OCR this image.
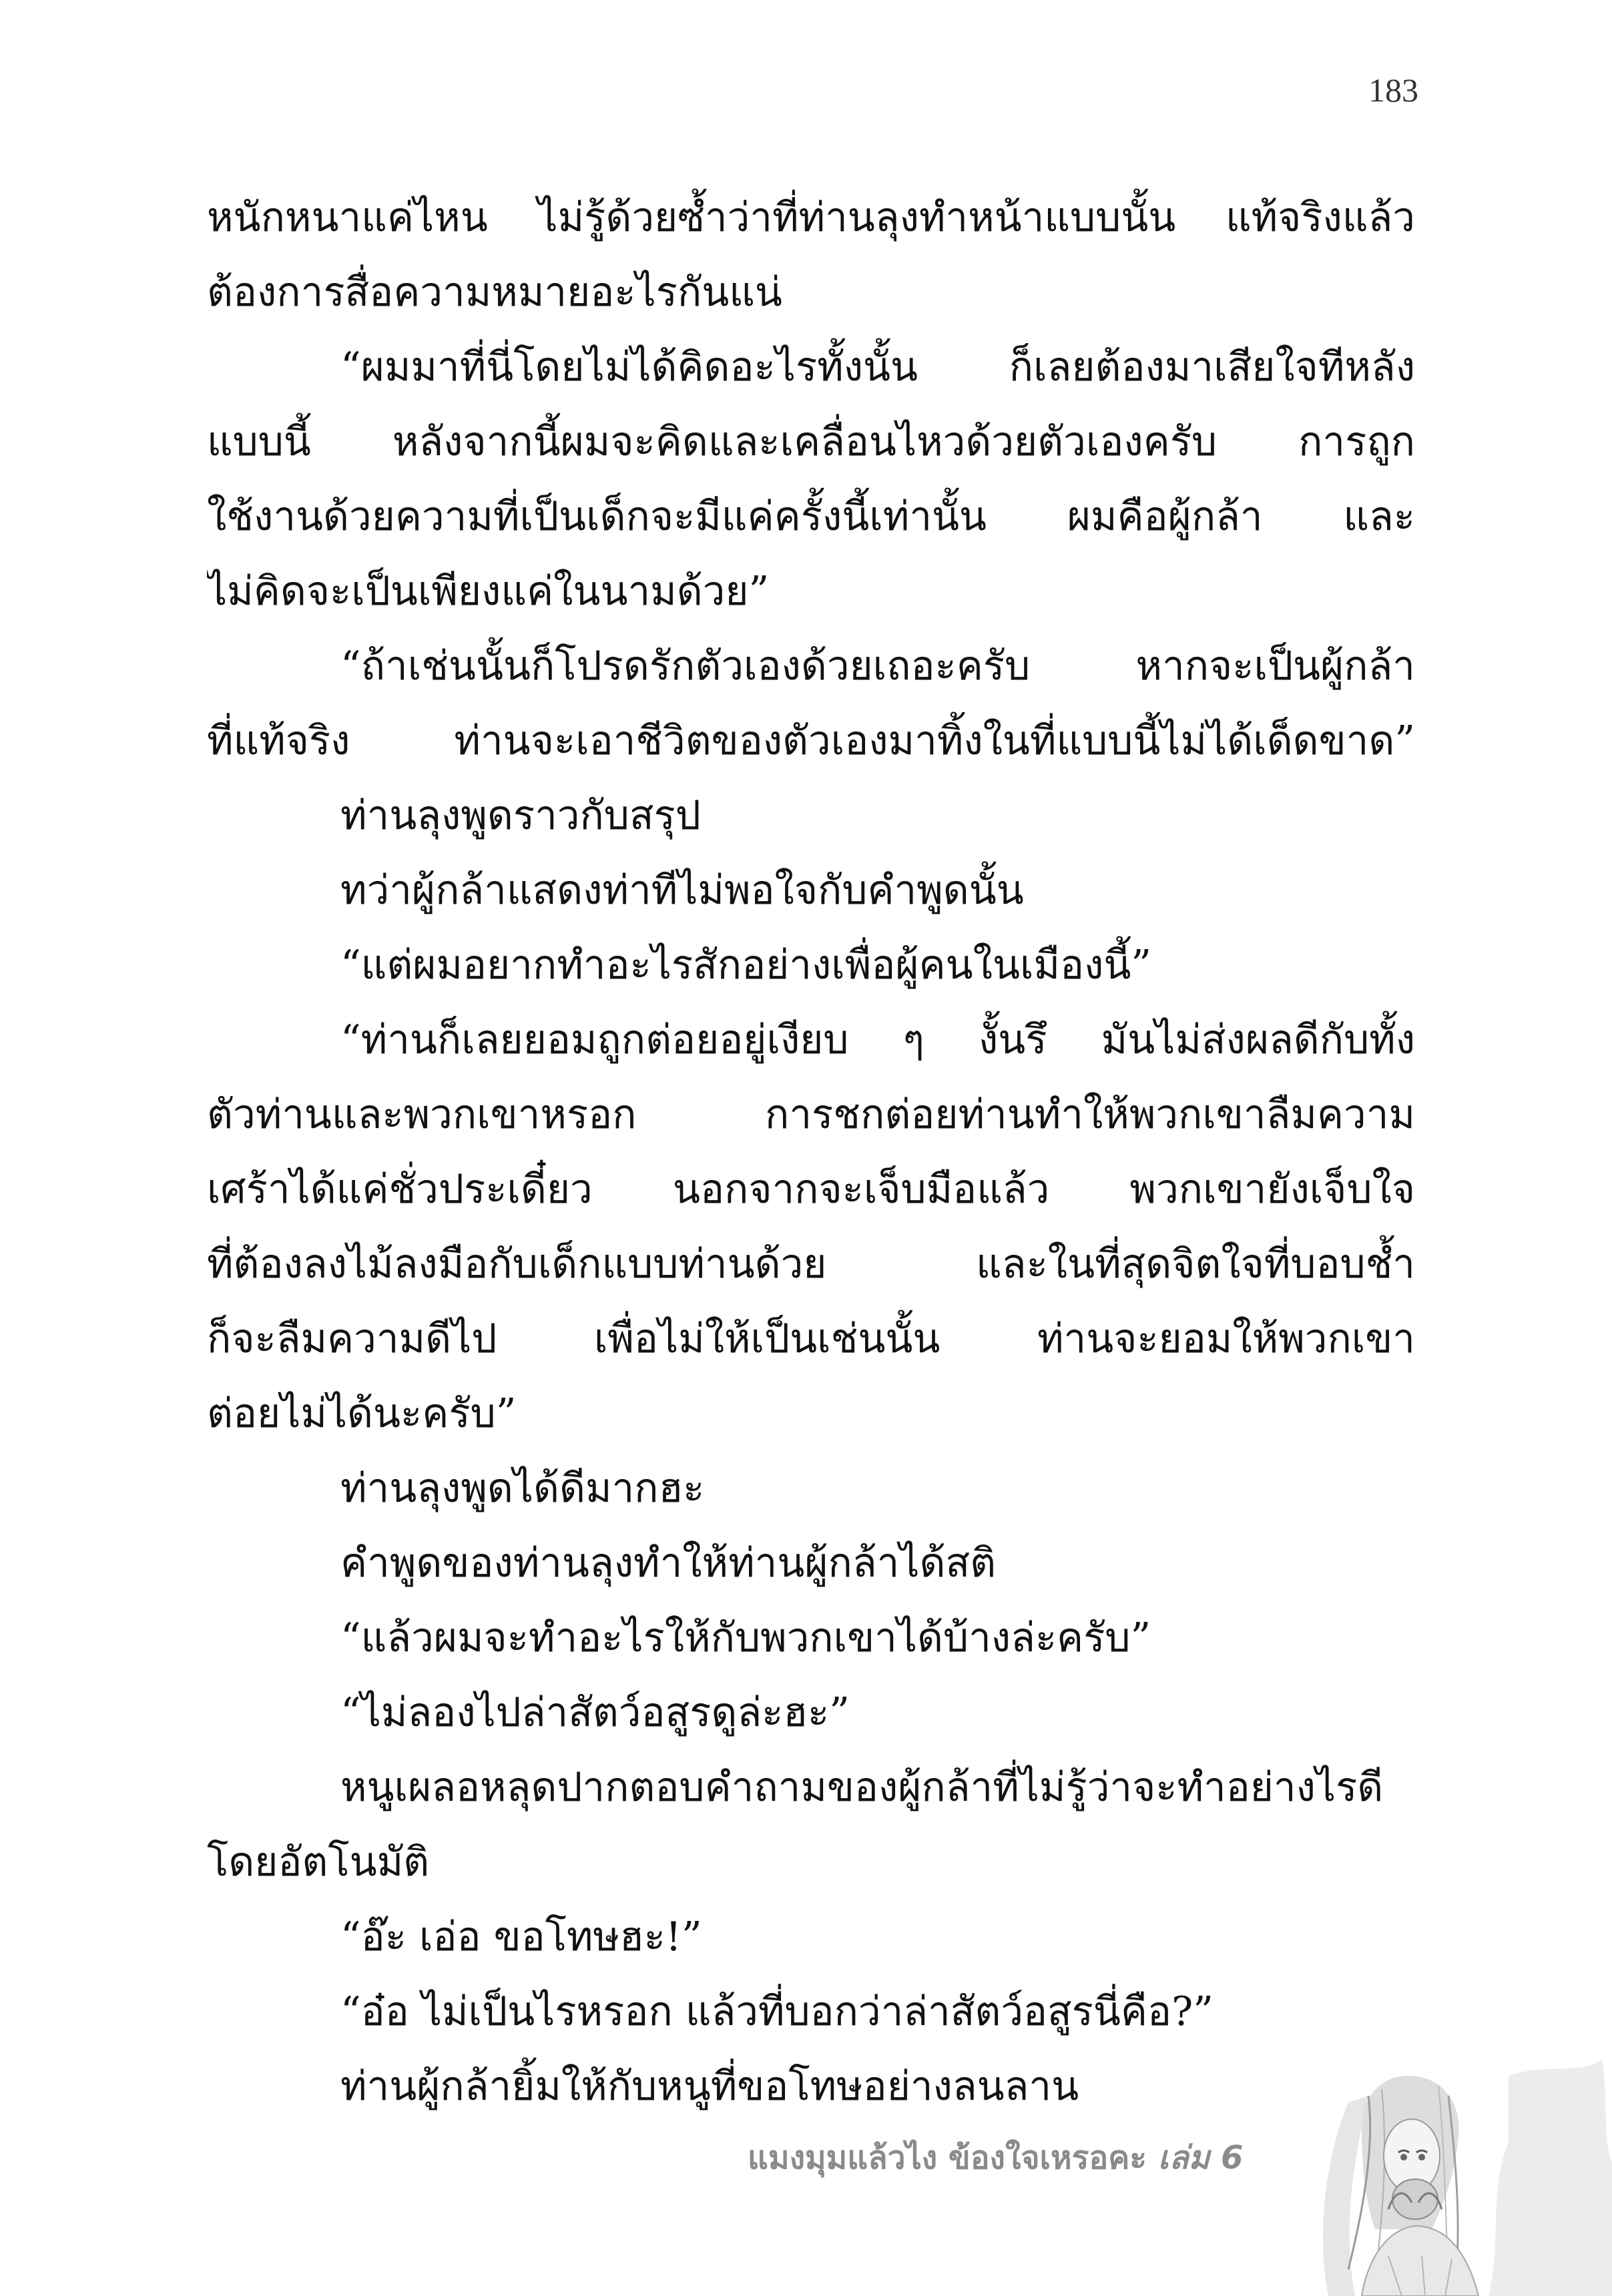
183
หนักหนาแค่ไหน ไม่รู้ด้วยซ้ำว่าที่ท่านลุงทำหน้าแบบนั้น แท้จริงแล้ว
ต้องการสื่อความหมายอะไรกันแน่
“ผมมาที่นี่โดยไม่ได้คิดอะไรทั้งนั้น ก็เลยต้องมาเสียใจทีหลัง
แบบนี้ หลังจากนี้ผมจะคิดและเคลื่อนไหวด้วยตัวเองครับ การถูก
ใช้งานด้วยความที่เป็นเด็กจะมีแค่ครั้งนี้เท่านั้น ผมคือผู้กล้า และ
ไม่คิดจะเป็นเพียงแค่ในนามด้วย”
“ถ้าเช่นนั้นก็โปรดรักตัวเองด้วยเถอะครับ หากจะเป็นผู้กล้า
ที่แท้จริง ท่านจะเอาชีวิตของตัวเองมาทิ้งในที่แบบนี้ไม่ได้เด็ดขาด”
ท่านลุงพูดราวกับสรุป
ทว่าผู้กล้าแสดงท่าทีไม่พอใจกับคำพูดนั้น
“แต่ผมอยากทำอะไรสักอย่างเพื่อผู้คนในเมืองนี้”
“ท่านก็เลยยอมถูกต่อยอยู่เงียบ ๆ งั้นรึ มันไม่ส่งผลดีกับทั้ง
ตัวท่านและพวกเขาหรอก การชกต่อยท่านทำให้พวกเขาลืมความ
เศร้าได้แค่ชั่วประเดี๋ยว นอกจากจะเจ็บมือแล้ว พวกเขายังเจ็บใจ
ที่ต้องลงไม้ลงมือกับเด็กแบบท่านด้วย และในที่สุดจิตใจที่บอบช้ำ
ก็จะลืมความดีไป เพื่อไม่ให้เป็นเช่นนั้น ท่านจะยอมให้พวกเขา
ต่อยไม่ได้นะครับ”
ท่านลุงพูดได้ดีมากฮะ
คำพูดของท่านลุงทำให้ท่านผู้กล้าได้สติ
“แล้วผมจะทำอะไรให้กับพวกเขาได้บ้างล่ะครับ”
“ไม่ลองไปล่าสัตว์อสูรดูล่ะฮะ”
หนูเผลอหลุดปากตอบคำถามของผู้กล้าที่ไม่รู้ว่าจะทำอย่างไรดี
โดยอัตโนมัติ
“อ๊ะ เอ่อ ขอโทษฮะ!”
“อ๋อ ไม่เป็นไรหรอก แล้วที่บอกว่าล่าสัตว์อสูรนี่คือ?”
ท่านผู้กล้ายิ้มให้กับหนูที่ขอโทษอย่างลนลาน
แมงมุมแล้วไง ข้องใจเหรอคะ เล่ม 6
